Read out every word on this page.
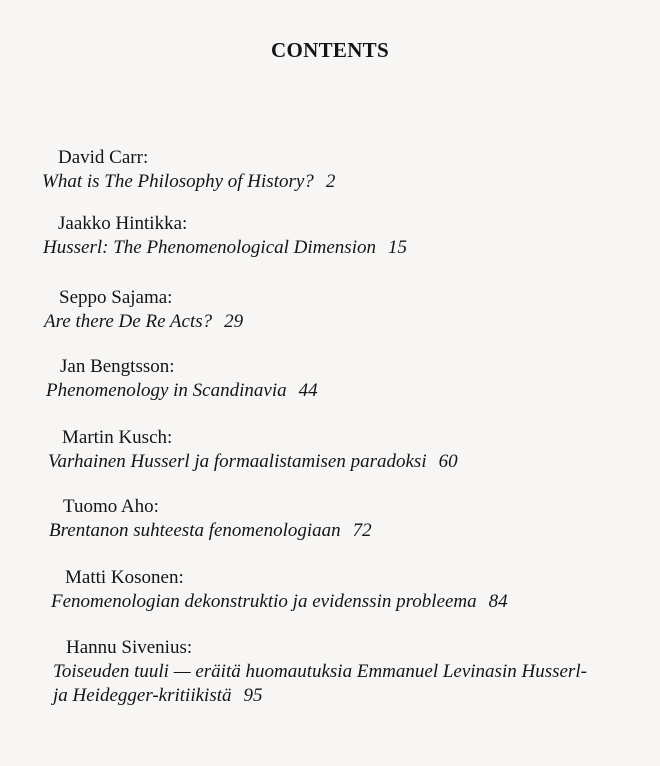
CONTENTS
David Carr:
What is The Philosophy of History? 2
Jaakko Hintikka:
Husserl: The Phenomenological Dimension 15
Seppo Sajama:
Are there De Re Acts? 29
Jan Bengtsson:
Phenomenology in Scandinavia 44
Martin Kusch:
Varhainen Husserl ja formaalistamisen paradoksi 60
Tuomo Aho:
Brentanon suhteesta fenomenologiaan 72
Matti Kosonen:
Fenomenologian dekonstruktio ja evidenssin probleema 84
Hannu Sivenius:
Toiseuden tuuli — eräitä huomautuksia Emmanuel Levinasin Husserl-
ja Heidegger-kritiikistä 95
